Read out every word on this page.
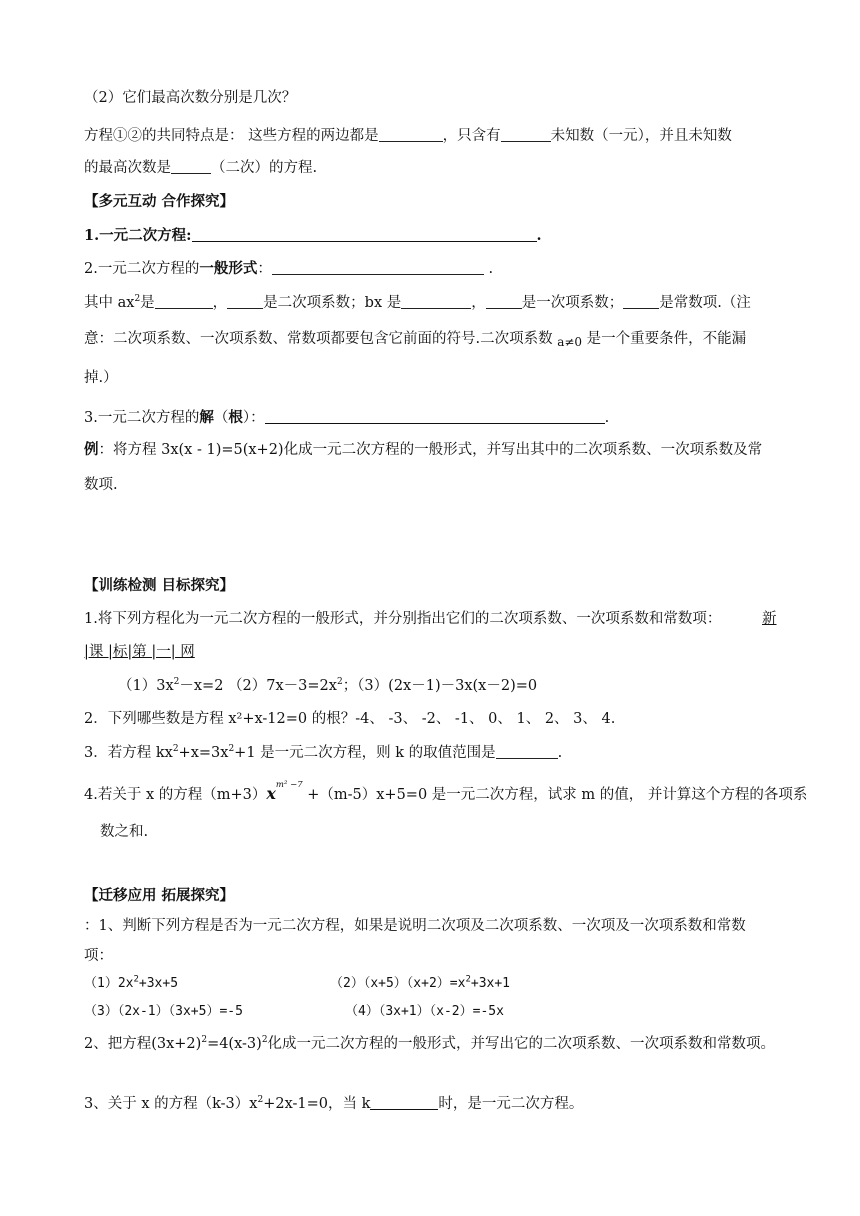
（2）它们最高次数分别是几次？
方程①②的共同特点是： 这些方程的两边都是	，只含有	未知数（一元），并且未知数
的最高次数是	（二次）的方程.
【多元互动 合作探究】
1.一元二次方程:	.
2.一元二次方程的一般形式：	.
其中 $ax^2$是	， 是二次项系数；bx 是	， 是一次项系数； 是常数项.（注
意：二次项系数、一次项系数、常数项都要包含它前面的符号.二次项系数 $_{a\ne 0}$ 是一个重要条件，不能漏
掉.）
3.一元二次方程的解（根）：	.
例：将方程 3x(x - 1)=5(x+2)化成一元二次方程的一般形式，并写出其中的二次项系数、一次项系数及常
数项.
【训练检测 目标探究】
1.将下列方程化为一元二次方程的一般形式，并分别指出它们的二次项系数、一次项系数和常数项：	新
|课 |标|第 |一| 网
$(1)3x^2-x=2$ $(2)7x-3=2x^2$；（3）(2x－1)－3x(x－2)=0
2．下列哪些数是方程 x²+x-12=0 的根？-4、 -3、 -2、 -1、 0、 1、 2、 3、 4.
3．若方程 $kx^2+x=3x^2+1$ 是一元二次方程，则 k 的取值范围是	.
4.若关于 x 的方程$(m+3)x^{m^2 -7} +(m-5)x+5=0$ 是一元二次方程，试求 m 的值， 并计算这个方程的各项系
数之和.
【迁移应用 拓展探究】
：1、判断下列方程是否为一元二次方程，如果是说明二次项及二次项系数、一次项及一次项系数和常数
项：
$(1)2x^2+3x+5$	$(2)(x+5)(x+2)=x^2+3x+1$
（3）（2x-1）（3x+5）=-5	（4）（3x+1）（x-2）=-5x
2、把方程$(3x+2)^2=4(x-3)^2$化成一元二次方程的一般形式，并写出它的二次项系数、一次项系数和常数项。
3、关于 x 的方程$(k-3)x^2+2x-1=0$，当 k	时，是一元二次方程。
